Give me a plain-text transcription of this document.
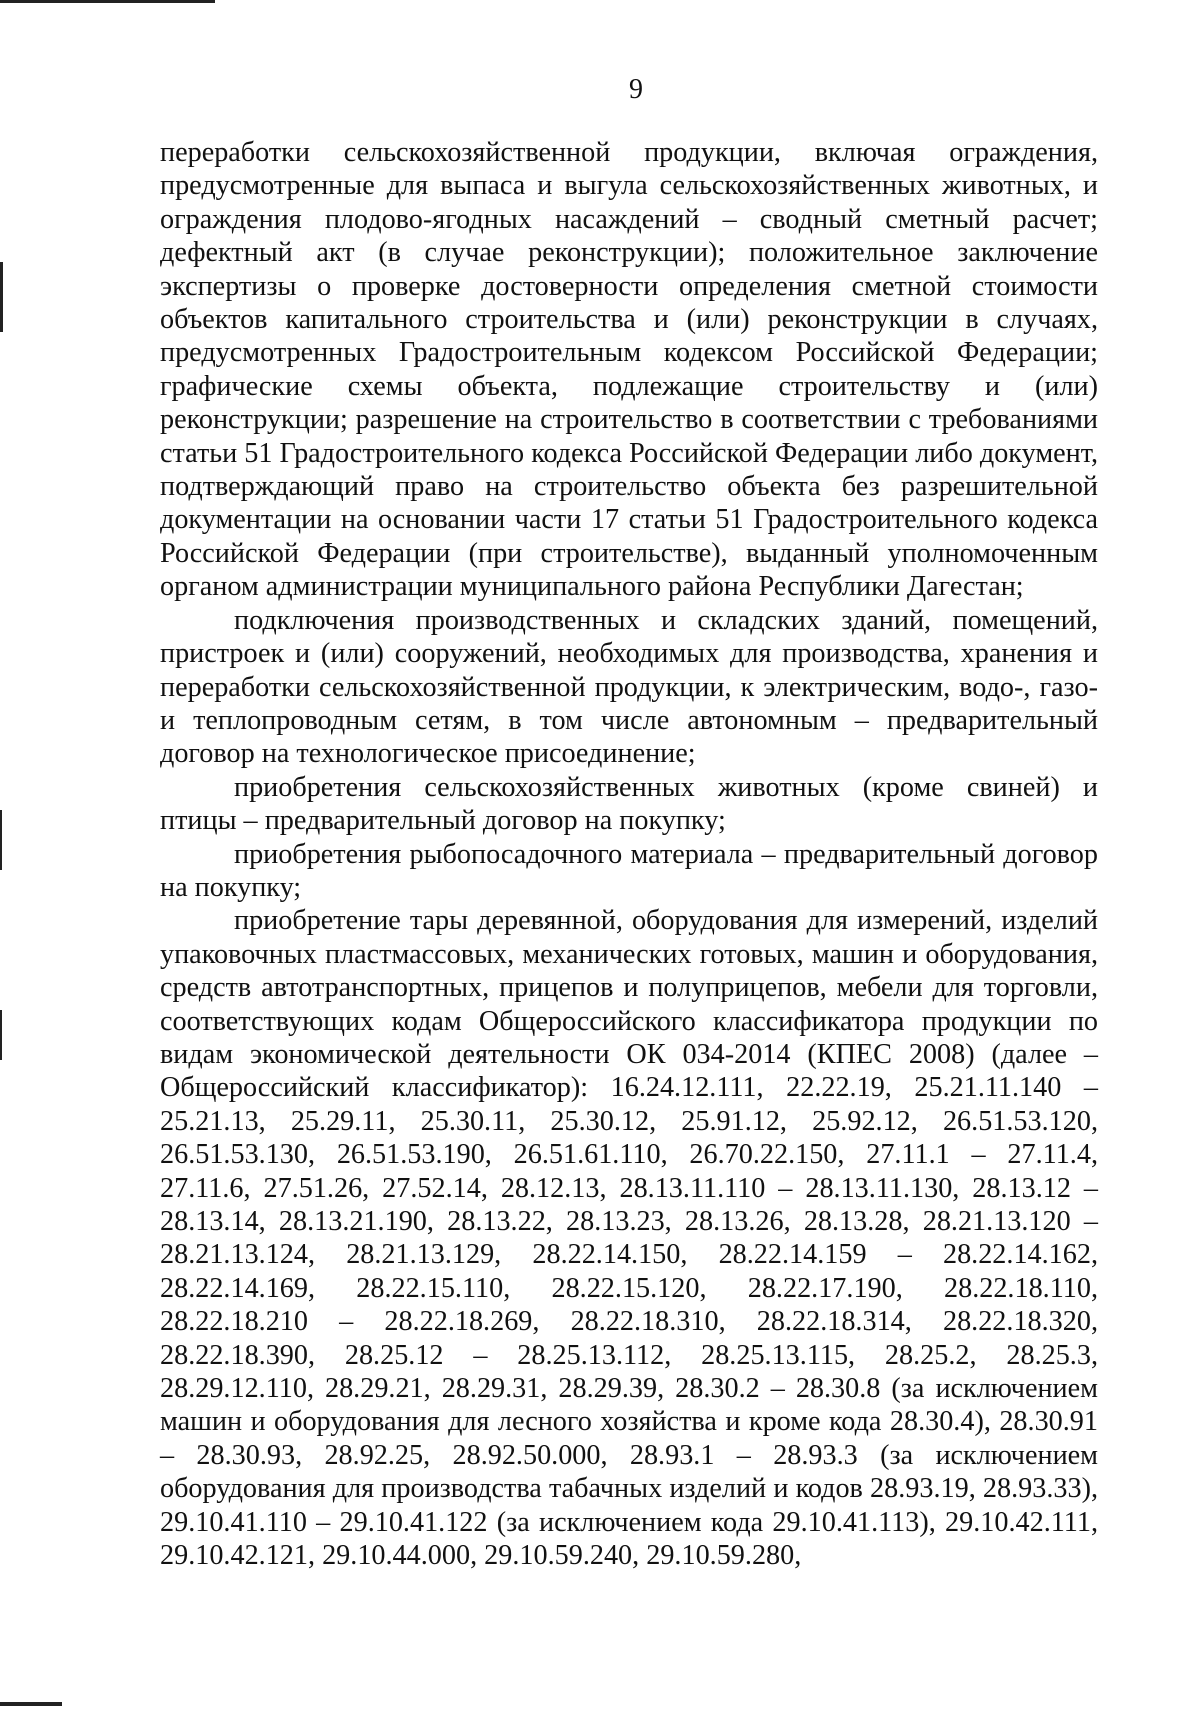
9

переработки сельскохозяйственной продукции, включая ограждения, предусмотренные для выпаса и выгула сельскохозяйственных животных, и ограждения плодово-ягодных насаждений – сводный сметный расчет; дефектный акт (в случае реконструкции); положительное заключение экспертизы о проверке достоверности определения сметной стоимости объектов капитального строительства и (или) реконструкции в случаях, предусмотренных Градостроительным кодексом Российской Федерации; графические схемы объекта, подлежащие строительству и (или) реконструкции; разрешение на строительство в соответствии с требованиями статьи 51 Градостроительного кодекса Российской Федерации либо документ, подтверждающий право на строительство объекта без разрешительной документации на основании части 17 статьи 51 Градостроительного кодекса Российской Федерации (при строительстве), выданный уполномоченным органом администрации муниципального района Республики Дагестан;

подключения производственных и складских зданий, помещений, пристроек и (или) сооружений, необходимых для производства, хранения и переработки сельскохозяйственной продукции, к электрическим, водо-, газо- и теплопроводным сетям, в том числе автономным – предварительный договор на технологическое присоединение;

приобретения сельскохозяйственных животных (кроме свиней) и птицы – предварительный договор на покупку;

приобретения рыбопосадочного материала – предварительный договор на покупку;

приобретение тары деревянной, оборудования для измерений, изделий упаковочных пластмассовых, механических готовых, машин и оборудования, средств автотранспортных, прицепов и полуприцепов, мебели для торговли, соответствующих кодам Общероссийского классификатора продукции по видам экономической деятельности ОК 034-2014 (КПЕС 2008) (далее – Общероссийский классификатор): 16.24.12.111, 22.22.19, 25.21.11.140 – 25.21.13, 25.29.11, 25.30.11, 25.30.12, 25.91.12, 25.92.12, 26.51.53.120, 26.51.53.130, 26.51.53.190, 26.51.61.110, 26.70.22.150, 27.11.1 – 27.11.4, 27.11.6, 27.51.26, 27.52.14, 28.12.13, 28.13.11.110 – 28.13.11.130, 28.13.12 – 28.13.14, 28.13.21.190, 28.13.22, 28.13.23, 28.13.26, 28.13.28, 28.21.13.120 – 28.21.13.124, 28.21.13.129, 28.22.14.150, 28.22.14.159 – 28.22.14.162, 28.22.14.169, 28.22.15.110, 28.22.15.120, 28.22.17.190, 28.22.18.110, 28.22.18.210 – 28.22.18.269, 28.22.18.310, 28.22.18.314, 28.22.18.320, 28.22.18.390, 28.25.12 – 28.25.13.112, 28.25.13.115, 28.25.2, 28.25.3, 28.29.12.110, 28.29.21, 28.29.31, 28.29.39, 28.30.2 – 28.30.8 (за исключением машин и оборудования для лесного хозяйства и кроме кода 28.30.4), 28.30.91 – 28.30.93, 28.92.25, 28.92.50.000, 28.93.1 – 28.93.3 (за исключением оборудования для производства табачных изделий и кодов 28.93.19, 28.93.33), 29.10.41.110 – 29.10.41.122 (за исключением кода 29.10.41.113), 29.10.42.111, 29.10.42.121, 29.10.44.000, 29.10.59.240, 29.10.59.280,
